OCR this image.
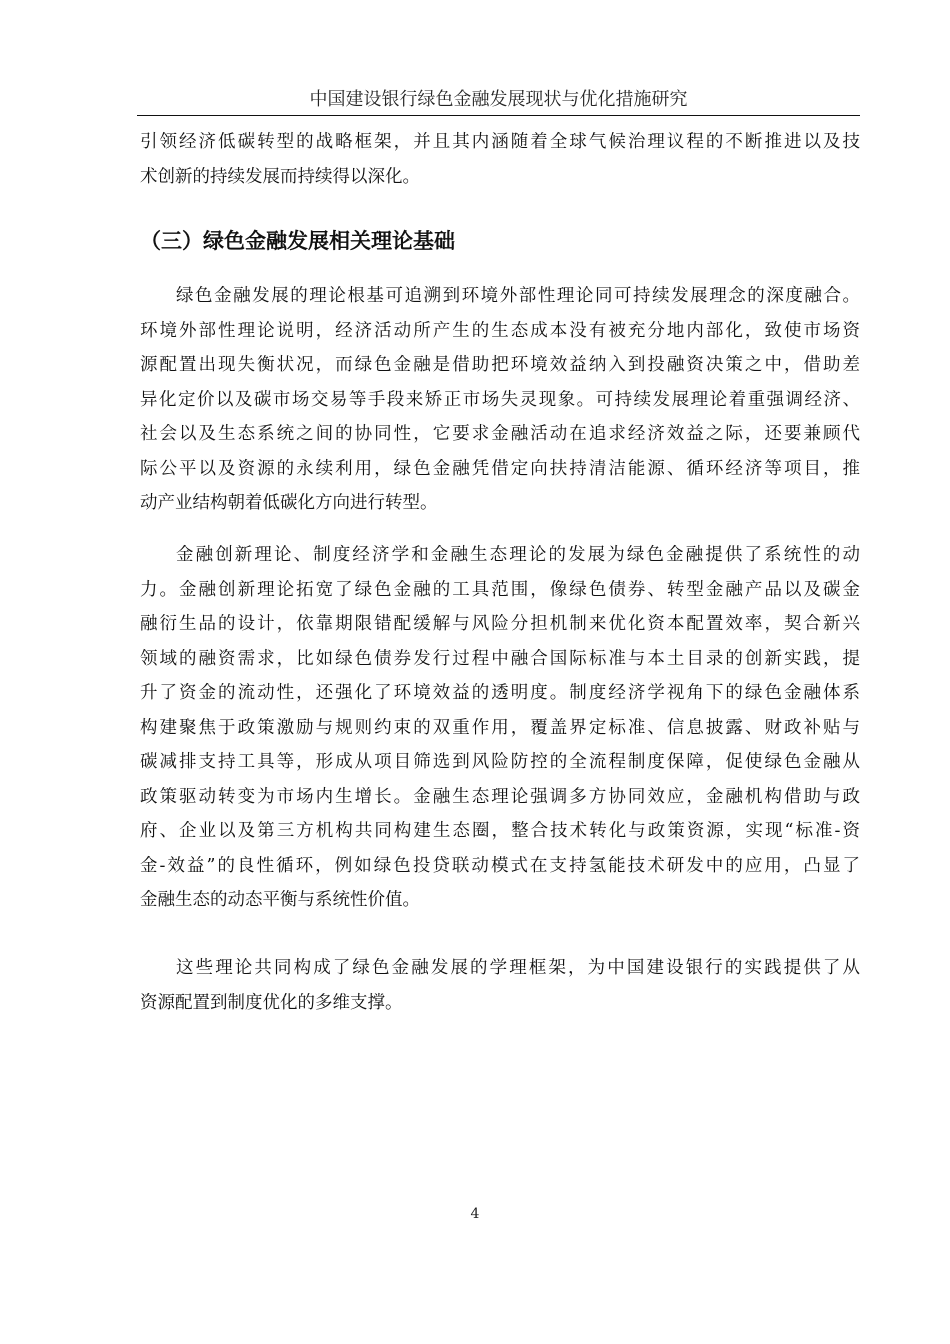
中国建设银行绿色金融发展现状与优化措施研究
引领经济低碳转型的战略框架，并且其内涵随着全球气候治理议程的不断推进以及技
术创新的持续发展而持续得以深化。
（三）绿色金融发展相关理论基础
绿色金融发展的理论根基可追溯到环境外部性理论同可持续发展理念的深度融合。
环境外部性理论说明，经济活动所产生的生态成本没有被充分地内部化，致使市场资
源配置出现失衡状况，而绿色金融是借助把环境效益纳入到投融资决策之中，借助差
异化定价以及碳市场交易等手段来矫正市场失灵现象。可持续发展理论着重强调经济、
社会以及生态系统之间的协同性，它要求金融活动在追求经济效益之际，还要兼顾代
际公平以及资源的永续利用，绿色金融凭借定向扶持清洁能源、循环经济等项目，推
动产业结构朝着低碳化方向进行转型。
金融创新理论、制度经济学和金融生态理论的发展为绿色金融提供了系统性的动
力。金融创新理论拓宽了绿色金融的工具范围，像绿色债券、转型金融产品以及碳金
融衍生品的设计，依靠期限错配缓解与风险分担机制来优化资本配置效率，契合新兴
领域的融资需求，比如绿色债券发行过程中融合国际标准与本土目录的创新实践，提
升了资金的流动性，还强化了环境效益的透明度。制度经济学视角下的绿色金融体系
构建聚焦于政策激励与规则约束的双重作用，覆盖界定标准、信息披露、财政补贴与
碳减排支持工具等，形成从项目筛选到风险防控的全流程制度保障，促使绿色金融从
政策驱动转变为市场内生增长。金融生态理论强调多方协同效应，金融机构借助与政
府、企业以及第三方机构共同构建生态圈，整合技术转化与政策资源，实现“标准-资
金-效益”的良性循环，例如绿色投贷联动模式在支持氢能技术研发中的应用，凸显了
金融生态的动态平衡与系统性价值。
这些理论共同构成了绿色金融发展的学理框架，为中国建设银行的实践提供了从
资源配置到制度优化的多维支撑。
4
